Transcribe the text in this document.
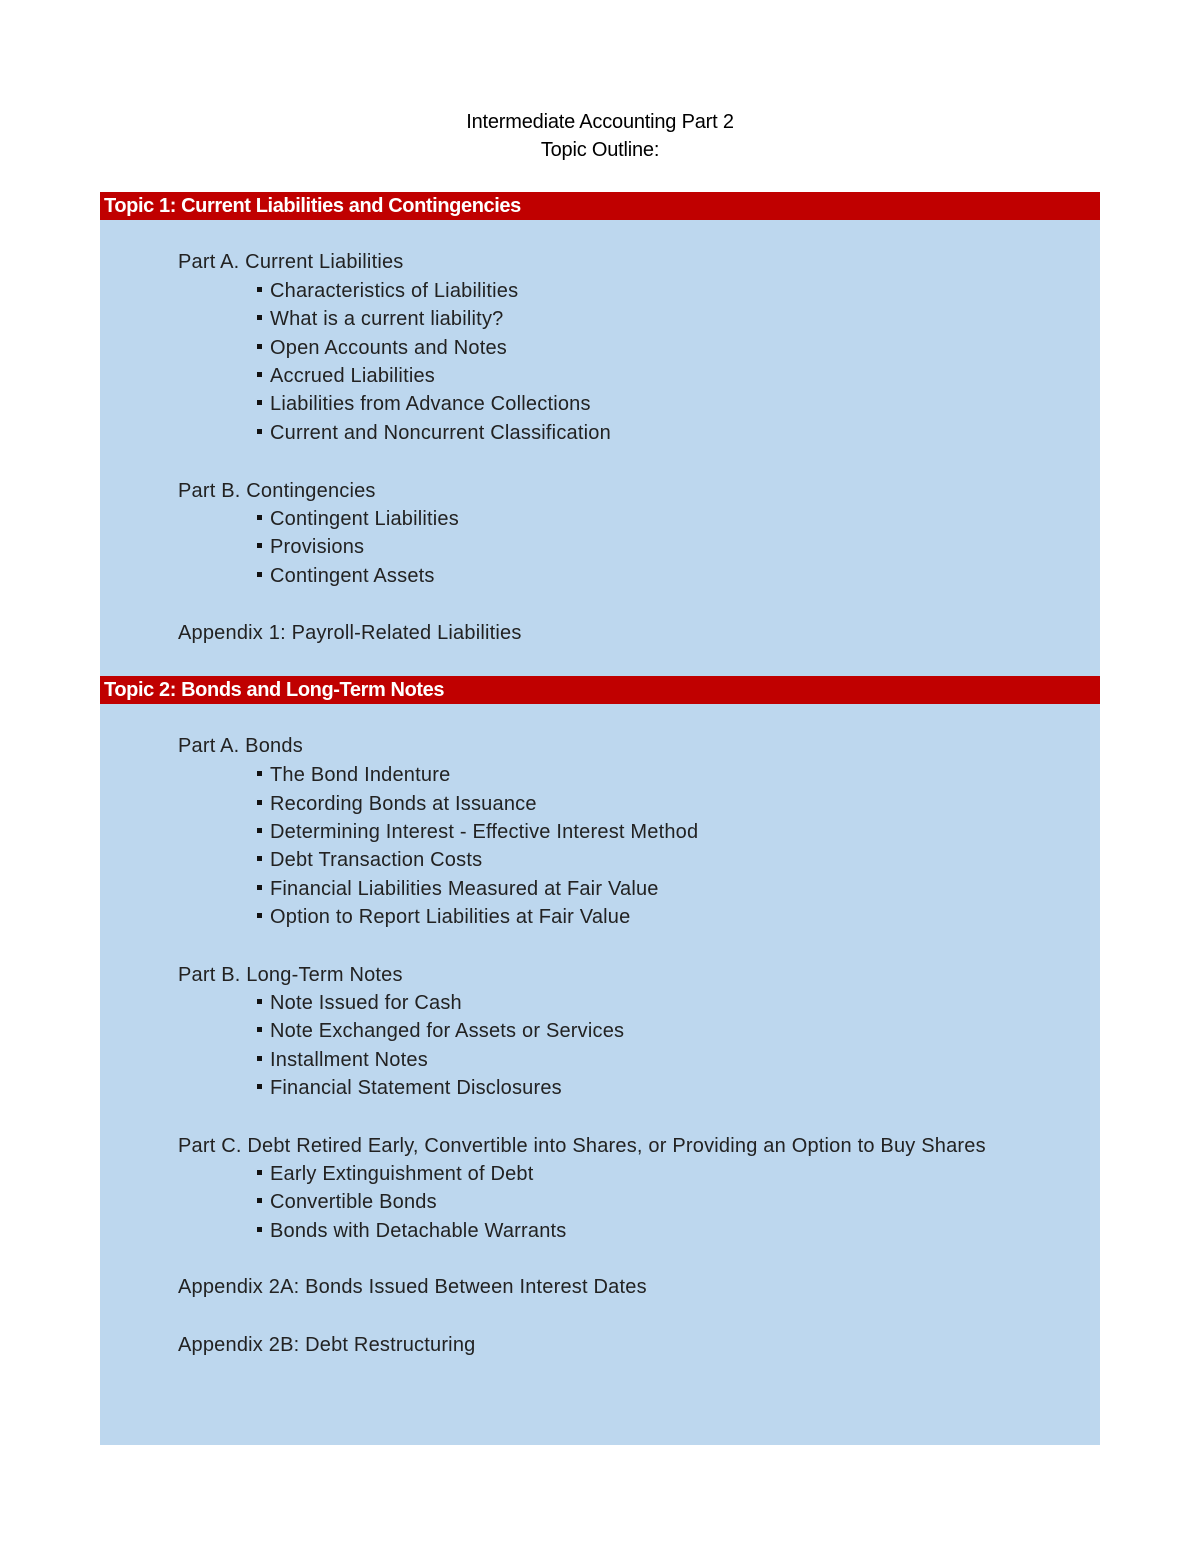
Intermediate Accounting Part 2
Topic Outline:
Topic 1: Current Liabilities and Contingencies
Part A. Current Liabilities
Characteristics of Liabilities
What is a current liability?
Open Accounts and Notes
Accrued Liabilities
Liabilities from Advance Collections
Current and Noncurrent Classification
Part B. Contingencies
Contingent Liabilities
Provisions
Contingent Assets
Appendix 1: Payroll-Related Liabilities
Topic 2: Bonds and Long-Term Notes
Part A. Bonds
The Bond Indenture
Recording Bonds at Issuance
Determining Interest - Effective Interest Method
Debt Transaction Costs
Financial Liabilities Measured at Fair Value
Option to Report Liabilities at Fair Value
Part B. Long-Term Notes
Note Issued for Cash
Note Exchanged for Assets or Services
Installment Notes
Financial Statement Disclosures
Part C. Debt Retired Early, Convertible into Shares, or Providing an Option to Buy Shares
Early Extinguishment of Debt
Convertible Bonds
Bonds with Detachable Warrants
Appendix 2A: Bonds Issued Between Interest Dates
Appendix 2B: Debt Restructuring
